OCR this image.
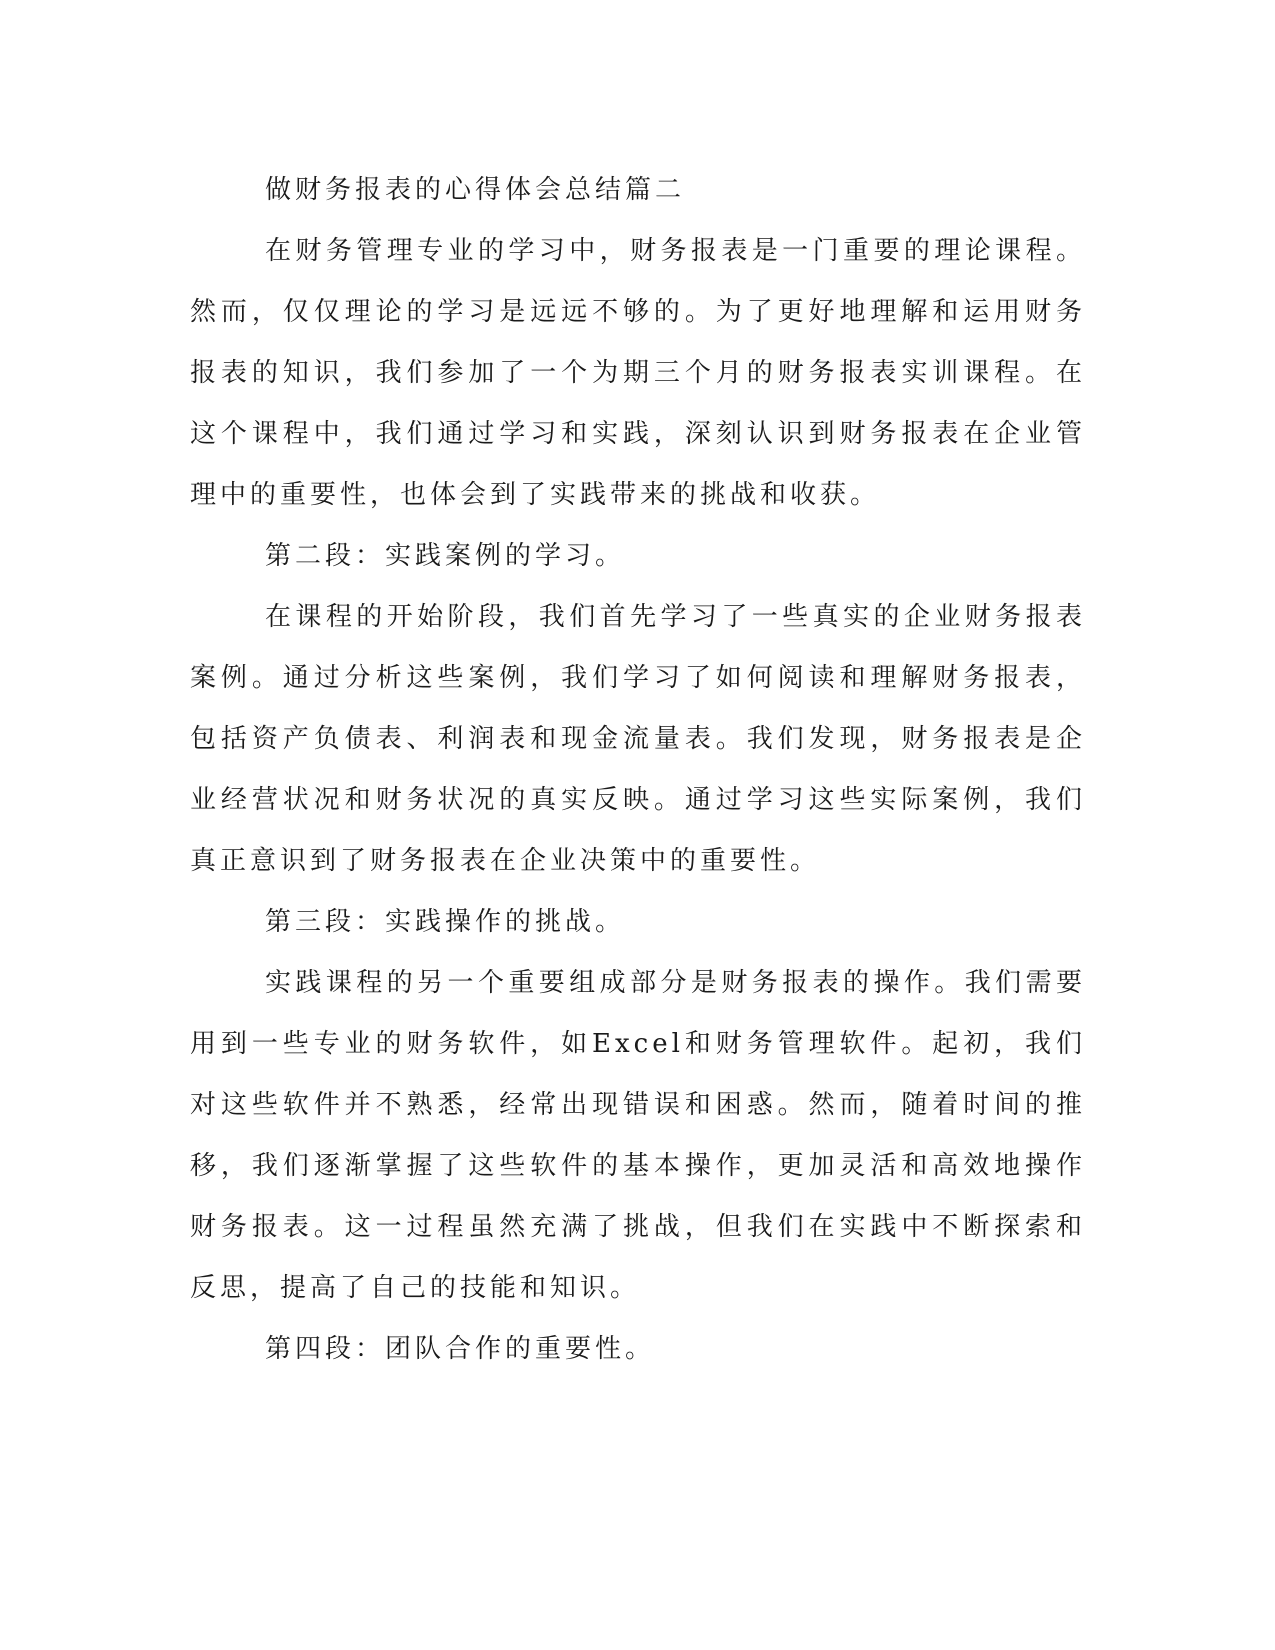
做财务报表的心得体会总结篇二

在财务管理专业的学习中，财务报表是一门重要的理论课程。然而，仅仅理论的学习是远远不够的。为了更好地理解和运用财务报表的知识，我们参加了一个为期三个月的财务报表实训课程。在这个课程中，我们通过学习和实践，深刻认识到财务报表在企业管理中的重要性，也体会到了实践带来的挑战和收获。

第二段：实践案例的学习。

在课程的开始阶段，我们首先学习了一些真实的企业财务报表案例。通过分析这些案例，我们学习了如何阅读和理解财务报表，包括资产负债表、利润表和现金流量表。我们发现，财务报表是企业经营状况和财务状况的真实反映。通过学习这些实际案例，我们真正意识到了财务报表在企业决策中的重要性。

第三段：实践操作的挑战。

实践课程的另一个重要组成部分是财务报表的操作。我们需要用到一些专业的财务软件，如Excel和财务管理软件。起初，我们对这些软件并不熟悉，经常出现错误和困惑。然而，随着时间的推移，我们逐渐掌握了这些软件的基本操作，更加灵活和高效地操作财务报表。这一过程虽然充满了挑战，但我们在实践中不断探索和反思，提高了自己的技能和知识。

第四段：团队合作的重要性。
